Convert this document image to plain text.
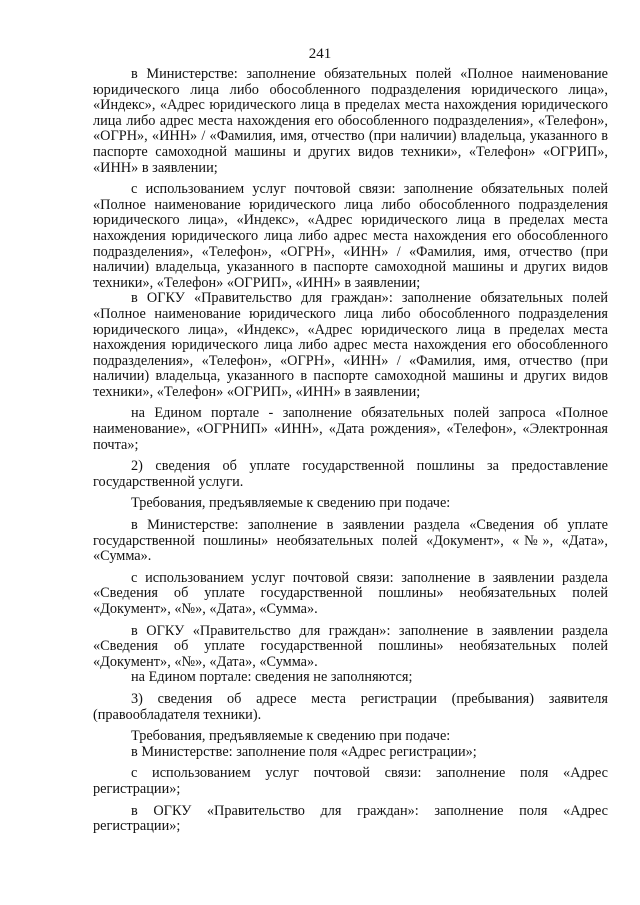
241

в Министерстве: заполнение обязательных полей «Полное наименование юридического лица либо обособленного подразделения юридического лица», «Индекс», «Адрес юридического лица в пределах места нахождения юридического лица либо адрес места нахождения его обособленного подразделения», «Телефон», «ОГРН», «ИНН» / «Фамилия, имя, отчество (при наличии) владельца, указанного в паспорте самоходной машины и других видов техники», «Телефон» «ОГРИП», «ИНН» в заявлении;

с использованием услуг почтовой связи: заполнение обязательных полей «Полное наименование юридического лица либо обособленного подразделения юридического лица», «Индекс», «Адрес юридического лица в пределах места нахождения юридического лица либо адрес места нахождения его обособленного подразделения», «Телефон», «ОГРН», «ИНН» / «Фамилия, имя, отчество (при наличии) владельца, указанного в паспорте самоходной машины и других видов техники», «Телефон» «ОГРИП», «ИНН» в заявлении;

в ОГКУ «Правительство для граждан»: заполнение обязательных полей «Полное наименование юридического лица либо обособленного подразделения юридического лица», «Индекс», «Адрес юридического лица в пределах места нахождения юридического лица либо адрес места нахождения его обособленного подразделения», «Телефон», «ОГРН», «ИНН» / «Фамилия, имя, отчество (при наличии) владельца, указанного в паспорте самоходной машины и других видов техники», «Телефон» «ОГРИП», «ИНН» в заявлении;

на Едином портале - заполнение обязательных полей запроса «Полное наименование», «ОГРНИП» «ИНН», «Дата рождения», «Телефон», «Электронная почта»;

2) сведения об уплате государственной пошлины за предоставление государственной услуги.

Требования, предъявляемые к сведению при подаче:

в Министерстве: заполнение в заявлении раздела «Сведения об уплате государственной пошлины» необязательных полей «Документ», «№», «Дата», «Сумма».

с использованием услуг почтовой связи: заполнение в заявлении раздела «Сведения об уплате государственной пошлины» необязательных полей «Документ», «№», «Дата», «Сумма».

в ОГКУ «Правительство для граждан»: заполнение в заявлении раздела «Сведения об уплате государственной пошлины» необязательных полей «Документ», «№», «Дата», «Сумма».

на Едином портале: сведения не заполняются;

3) сведения об адресе места регистрации (пребывания) заявителя (правообладателя техники).

Требования, предъявляемые к сведению при подаче:

в Министерстве: заполнение поля «Адрес регистрации»;

с использованием услуг почтовой связи: заполнение поля «Адрес регистрации»;

в ОГКУ «Правительство для граждан»: заполнение поля «Адрес регистрации»;
